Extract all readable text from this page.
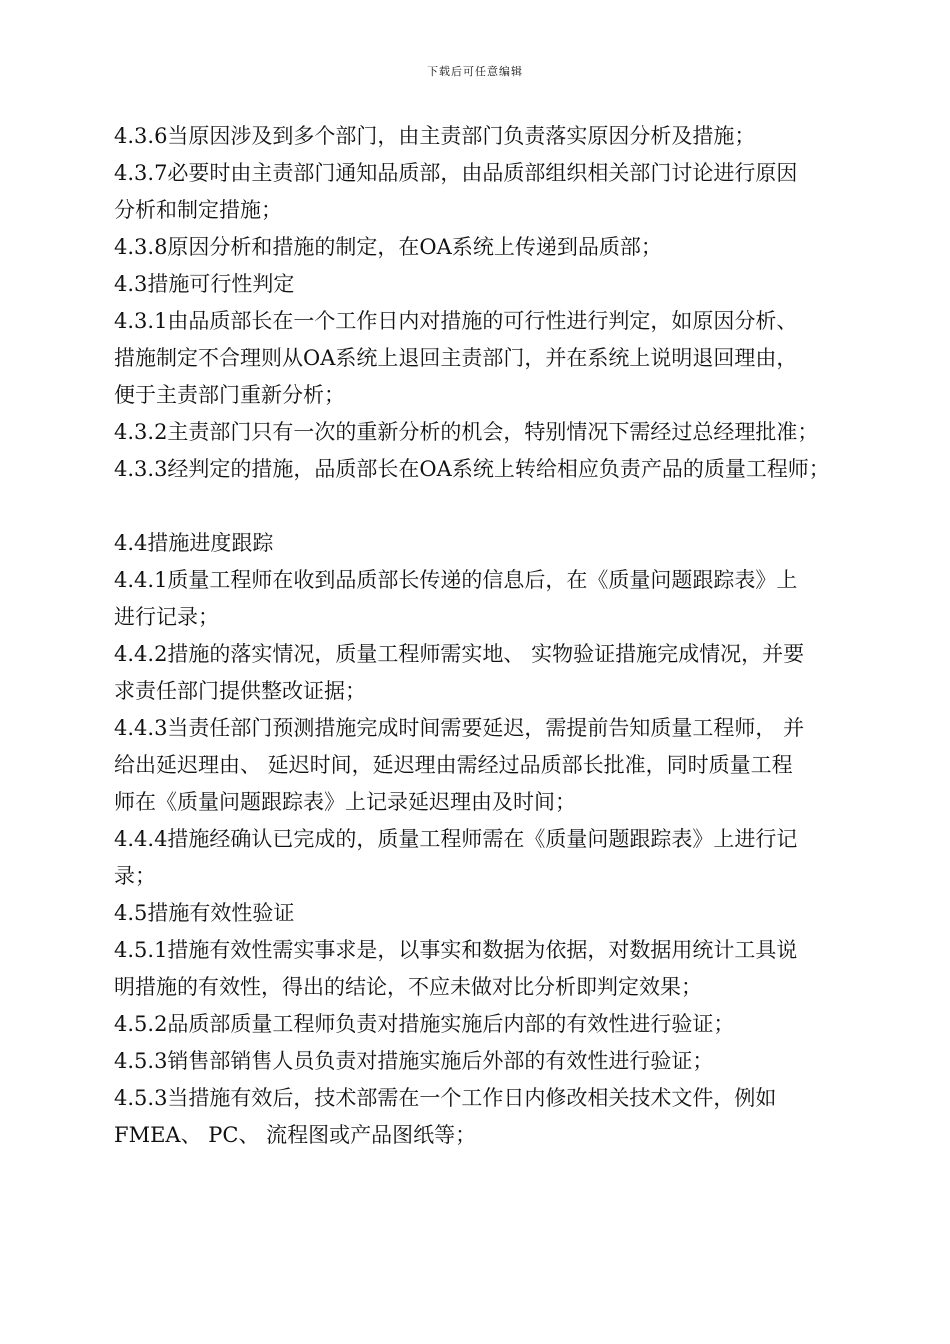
下载后可任意编辑

4.3.6当原因涉及到多个部门，由主责部门负责落实原因分析及措施；

4.3.7必要时由主责部门通知品质部，由品质部组织相关部门讨论进行原因

分析和制定措施；

4.3.8原因分析和措施的制定，在OA系统上传递到品质部；

4.3措施可行性判定

4.3.1由品质部长在一个工作日内对措施的可行性进行判定，如原因分析、

措施制定不合理则从OA系统上退回主责部门，并在系统上说明退回理由，

便于主责部门重新分析；

4.3.2主责部门只有一次的重新分析的机会，特别情况下需经过总经理批准；

4.3.3经判定的措施，品质部长在OA系统上转给相应负责产品的质量工程师；

4.4措施进度跟踪

4.4.1质量工程师在收到品质部长传递的信息后，在《质量问题跟踪表》上

进行记录；

4.4.2措施的落实情况，质量工程师需实地、 实物验证措施完成情况，并要

求责任部门提供整改证据；

4.4.3当责任部门预测措施完成时间需要延迟，需提前告知质量工程师， 并

给出延迟理由、 延迟时间，延迟理由需经过品质部长批准，同时质量工程

师在《质量问题跟踪表》上记录延迟理由及时间；

4.4.4措施经确认已完成的，质量工程师需在《质量问题跟踪表》上进行记

录；

4.5措施有效性验证

4.5.1措施有效性需实事求是，以事实和数据为依据，对数据用统计工具说

明措施的有效性，得出的结论，不应未做对比分析即判定效果；

4.5.2品质部质量工程师负责对措施实施后内部的有效性进行验证；

4.5.3销售部销售人员负责对措施实施后外部的有效性进行验证；

4.5.3当措施有效后，技术部需在一个工作日内修改相关技术文件，例如

FMEA、 PC、 流程图或产品图纸等；
